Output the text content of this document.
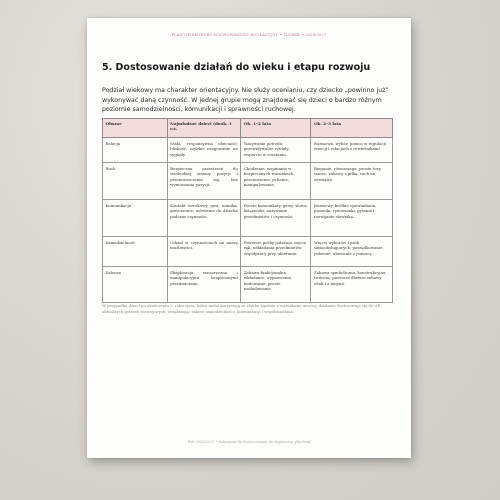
PLAN OPIEKUŃCZO-WYCHOWAWCZO-EDUKACYJNY • ŻŁOBEK • 2026/2027
5. Dostosowanie działań do wieku i etapu rozwoju

Podział wiekowy ma charakter orientacyjny. Nie służy ocenianiu, czy dziecko „powinno już” wykonywać daną czynność. W jednej grupie mogą znajdować się dzieci o bardzo różnym poziomie samodzielności, komunikacji i sprawności ruchowej.

Obszar	Najmłodsze dzieci (dook. 1 r.ż.	Ok. 1–2 lata	Ok. 2–3 lata
Relacja	Stała, responsywna obecność; bliskość; szybkie reagowanie na sygnały.	Nazywanie potrzeb; przewidywalne rytuały; wsparcie w rozstaniu.	Rozmowa, wybór, pomoc w regulacji emocji i relacjach z rówieśnikami.
Ruch	Bezpieczna przestrzeń do swobodnej zmiany pozycji i przemieszczania się; bez wymuszania pozycji.	Chodzenie, wspinanie w bezpiecznych warunkach, przenoszenie, pchanie, manipulowanie.	Bieganie, równowaga, proste tory, taniec, zabawy z piłką, ruch na zewnątrz.
Komunikacja	Kontakt wzrokowy, gest, mimika, gaworzenie; mówienie do dziecka podczas czynności.	Proste komunikaty, gesty, słowa, książeczki, nazywanie przedmiotów i czynności.	Rozmowy, krótkie opowiadania, piosenki, rymowanki, pytania i rozwijanie słownika.
Samodzielność	Udział w czynnościach na miarę możliwości.	Pierwsze próby jedzenia, mycia rąk, odkładania przedmiotów, współpracy przy ubieraniu.	Więcej wyborów i prób samoobsługowych; porządkowanie, jedzenie, ubieranie z pomocą.
Zabawa	Eksploracja sensoryczna i manipulacyjna bezpiecznymi przedmiotami.	Zabawa funkcjonalna, wkładanie, wyjmowanie, budowanie, proste naśladowanie.	Zabawa symboliczna, konstrukcyjna, twórcza; pierwsze dłuższe zabawy obok i z innymi.

W przypadku dzieci po ukończeniu 3. roku życia, które nadal korzystają ze żłobka zgodnie z warunkami umowy, działania dostosowuje się do ich aktualnych potrzeb rozwojowych, zwiększając zakres samodzielności, komunikacji i współdziałania.

Rok 2026/2027 • dokument do dostosowania do organizacji placówki
